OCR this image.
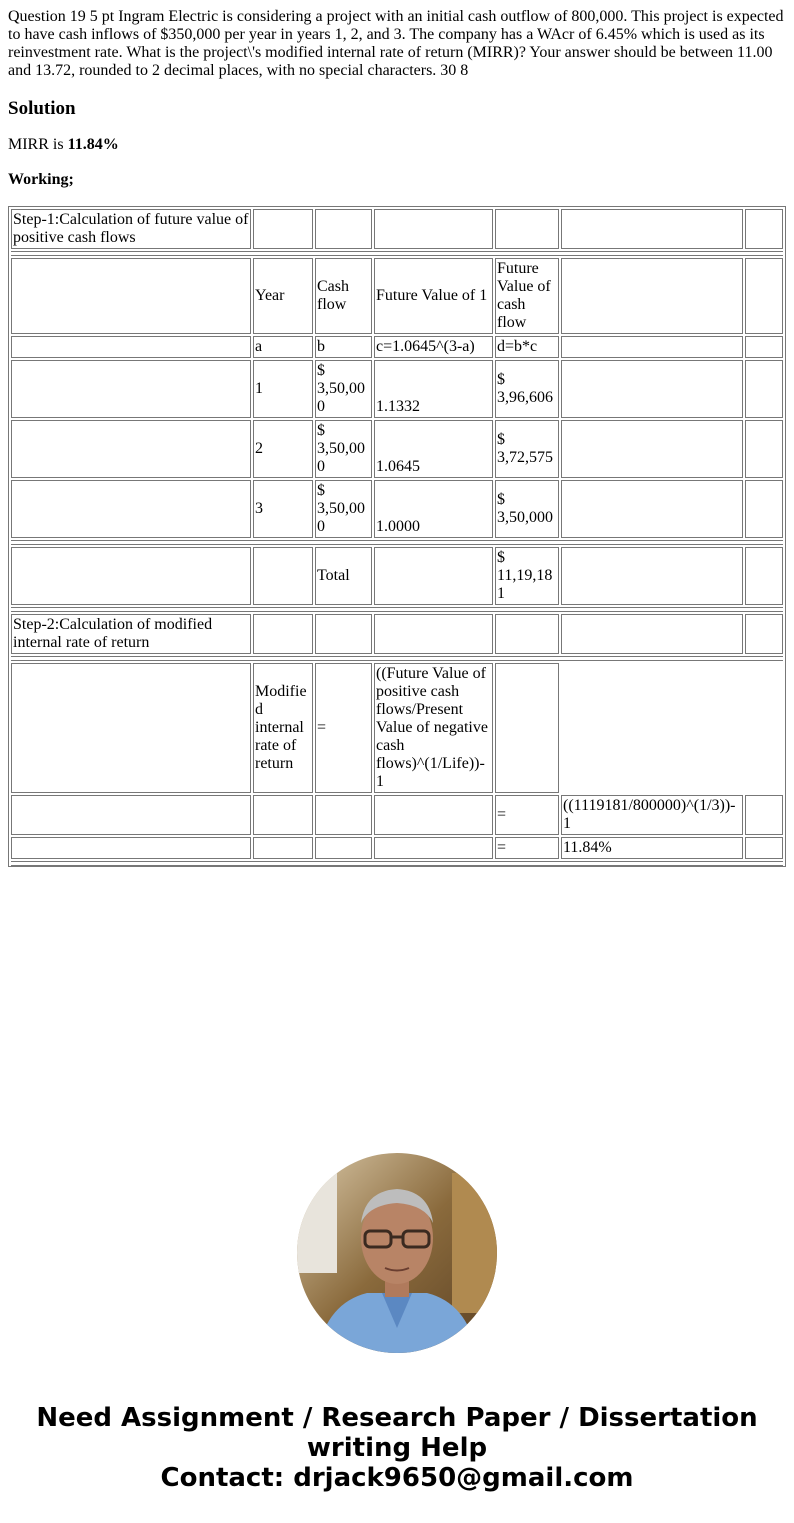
Question 19 5 pt Ingram Electric is considering a project with an initial cash outflow of 800,000. This project is expected to have cash inflows of $350,000 per year in years 1, 2, and 3. The company has a WAcr of 6.45% which is used as its reinvestment rate. What is the project\'s modified internal rate of return (MIRR)? Your answer should be between 11.00 and 13.72, rounded to 2 decimal places, with no special characters. 30 8

Solution

MIRR is 11.84%

Working;

Step-1:Calculation of future value of positive cash flows						
	Year	Cash flow	Future Value of 1	Future Value of cash flow		
	a	b	c=1.0645^(3-a)	d=b*c		
	1	$ 3,50,000	1.1332	$ 3,96,606		
	2	$ 3,50,000	1.0645	$ 3,72,575		
	3	$ 3,50,000	1.0000	$ 3,50,000		
		Total		$ 11,19,181		
Step-2:Calculation of modified internal rate of return						
	Modified internal rate of return	=	((Future Value of positive cash flows/Present Value of negative cash flows)^(1/Life))-1			
				=	((1119181/800000)^(1/3))-1	
				=	11.84%	
Need Assignment / Research Paper / Dissertation
writing Help
Contact: drjack9650@gmail.com
